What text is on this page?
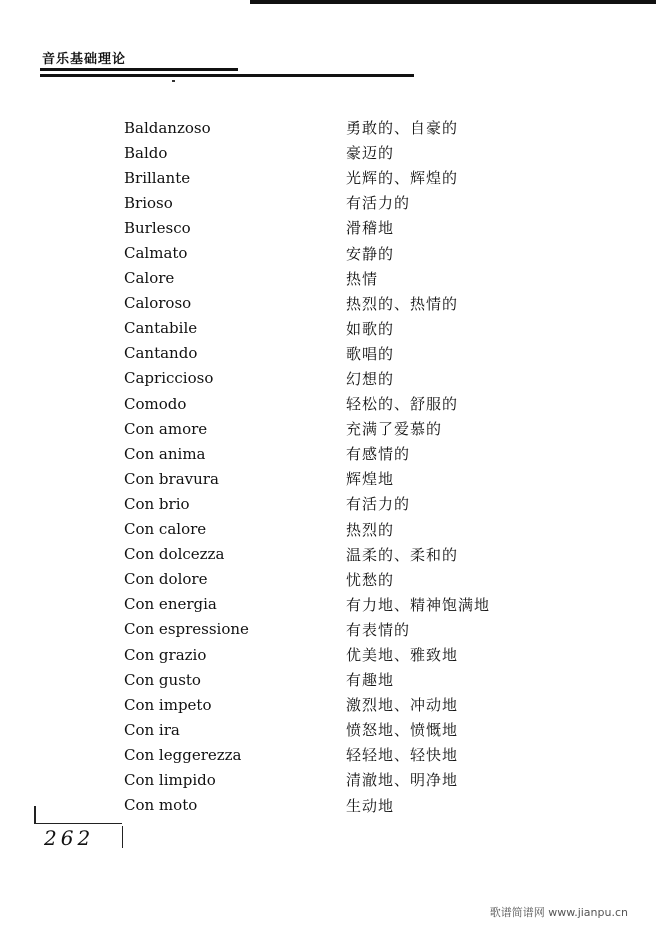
音乐基础理论
Baldanzoso	勇敢的、自豪的
Baldo	豪迈的
Brillante	光辉的、辉煌的
Brioso	有活力的
Burlesco	滑稽地
Calmato	安静的
Calore	热情
Caloroso	热烈的、热情的
Cantabile	如歌的
Cantando	歌唱的
Capriccioso	幻想的
Comodo	轻松的、舒服的
Con amore	充满了爱慕的
Con anima	有感情的
Con bravura	辉煌地
Con brio	有活力的
Con calore	热烈的
Con dolcezza	温柔的、柔和的
Con dolore	忧愁的
Con energia	有力地、精神饱满地
Con espressione	有表情的
Con grazio	优美地、雅致地
Con gusto	有趣地
Con impeto	激烈地、冲动地
Con ira	愤怒地、愤慨地
Con leggerezza	轻轻地、轻快地
Con limpido	清澈地、明净地
Con moto	生动地
262
歌谱简谱网 www.jianpu.cn
